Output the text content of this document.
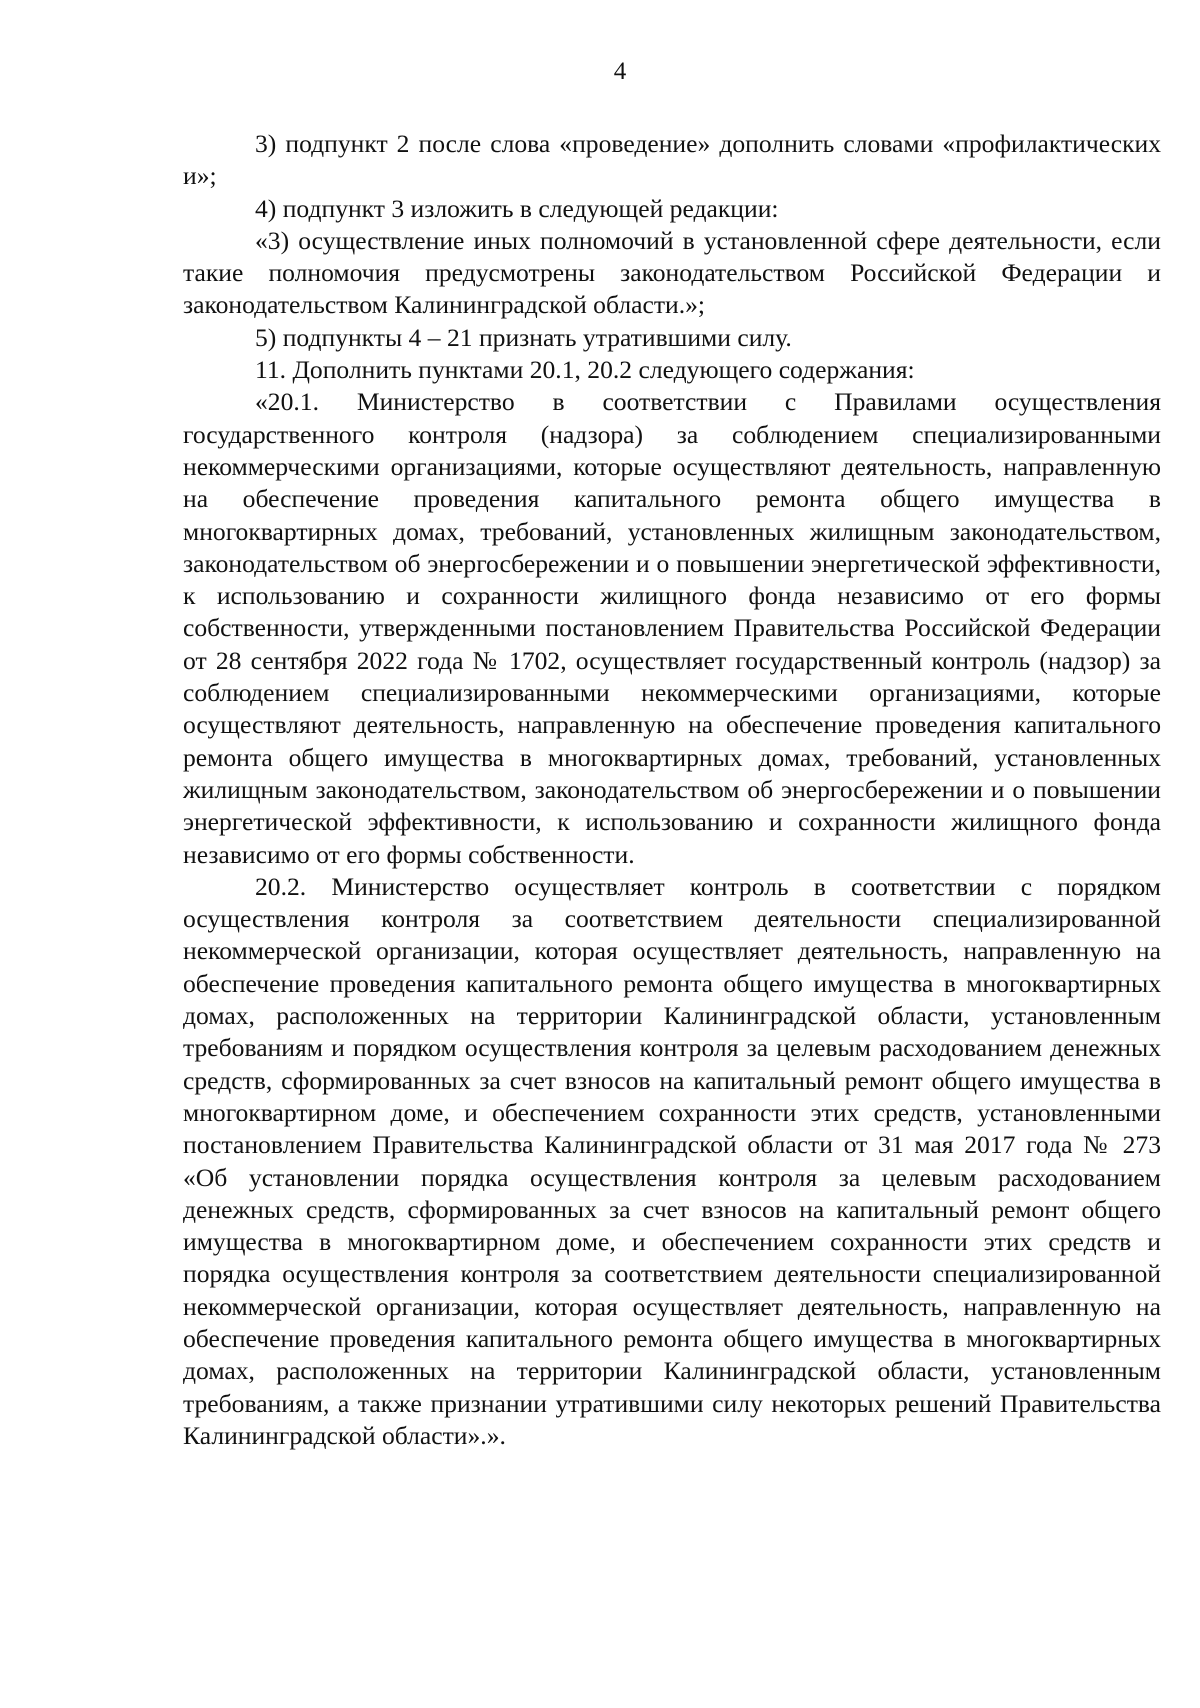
4

3) подпункт 2 после слова «проведение» дополнить словами «профилактических и»;

4) подпункт 3 изложить в следующей редакции:

«3) осуществление иных полномочий в установленной сфере деятельности, если такие полномочия предусмотрены законодательством Российской Федерации и законодательством Калининградской области.»;

5) подпункты 4 – 21 признать утратившими силу.

11. Дополнить пунктами 20.1, 20.2 следующего содержания:

«20.1. Министерство в соответствии с Правилами осуществления государственного контроля (надзора) за соблюдением специализированными некоммерческими организациями, которые осуществляют деятельность, направленную на обеспечение проведения капитального ремонта общего имущества в многоквартирных домах, требований, установленных жилищным законодательством, законодательством об энергосбережении и о повышении энергетической эффективности, к использованию и сохранности жилищного фонда независимо от его формы собственности, утвержденными постановлением Правительства Российской Федерации от 28 сентября 2022 года № 1702, осуществляет государственный контроль (надзор) за соблюдением специализированными некоммерческими организациями, которые осуществляют деятельность, направленную на обеспечение проведения капитального ремонта общего имущества в многоквартирных домах, требований, установленных жилищным законодательством, законодательством об энергосбережении и о повышении энергетической эффективности, к использованию и сохранности жилищного фонда независимо от его формы собственности.

20.2. Министерство осуществляет контроль в соответствии с порядком осуществления контроля за соответствием деятельности специализированной некоммерческой организации, которая осуществляет деятельность, направленную на обеспечение проведения капитального ремонта общего имущества в многоквартирных домах, расположенных на территории Калининградской области, установленным требованиям и порядком осуществления контроля за целевым расходованием денежных средств, сформированных за счет взносов на капитальный ремонт общего имущества в многоквартирном доме, и обеспечением сохранности этих средств, установленными постановлением Правительства Калининградской области от 31 мая 2017 года № 273 «Об установлении порядка осуществления контроля за целевым расходованием денежных средств, сформированных за счет взносов на капитальный ремонт общего имущества в многоквартирном доме, и обеспечением сохранности этих средств и порядка осуществления контроля за соответствием деятельности специализированной некоммерческой организации, которая осуществляет деятельность, направленную на обеспечение проведения капитального ремонта общего имущества в многоквартирных домах, расположенных на территории Калининградской области, установленным требованиям, а также признании утратившими силу некоторых решений Правительства Калининградской области».».
